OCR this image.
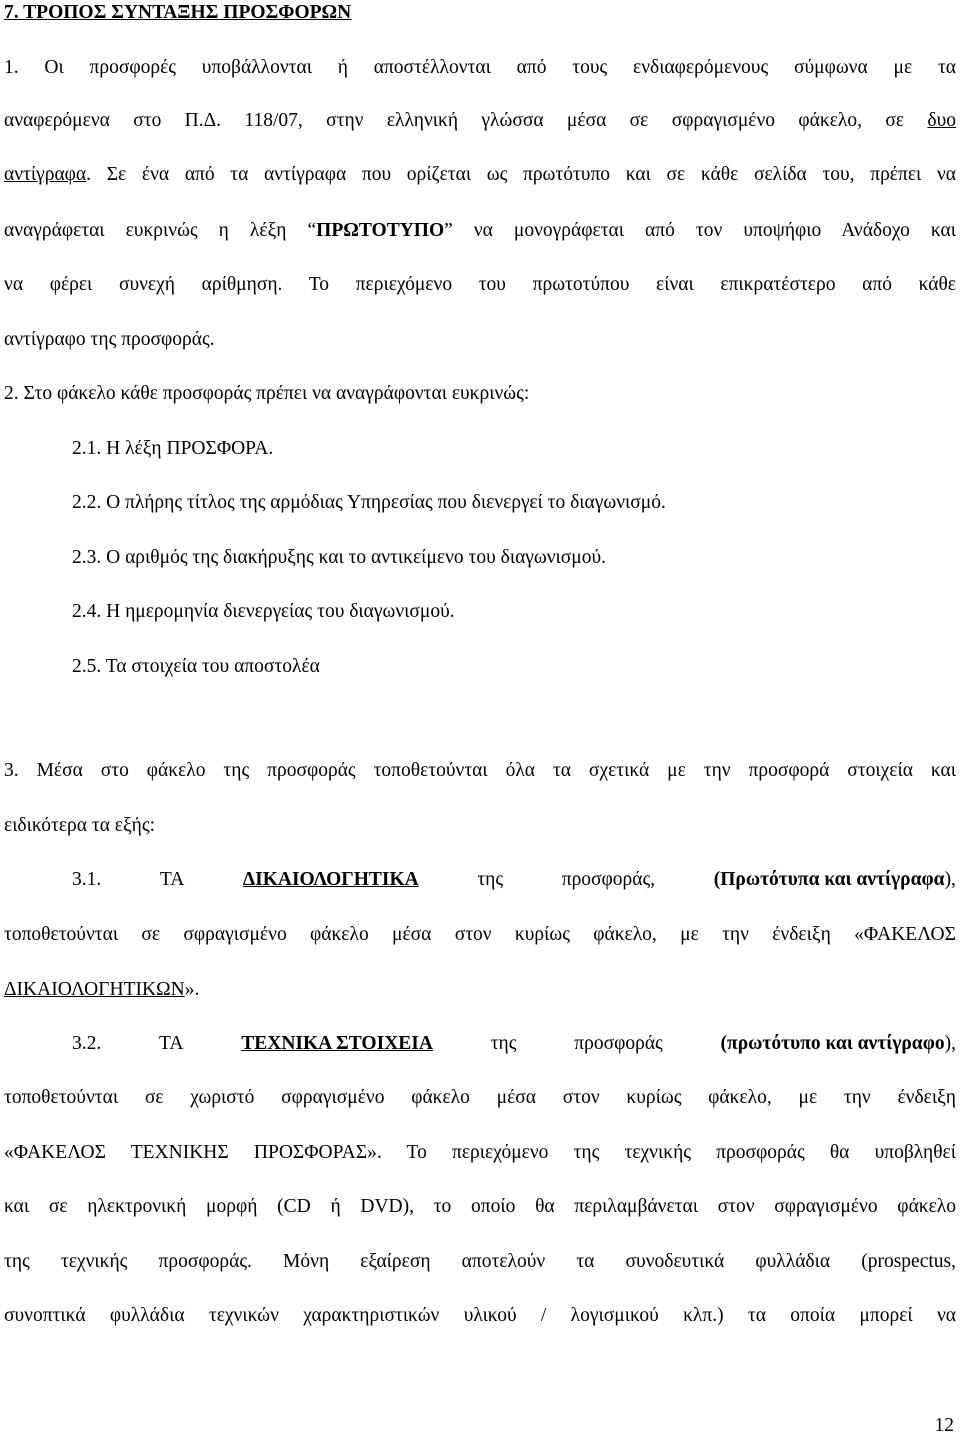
7. ΤΡΟΠΟΣ ΣΥΝΤΑΞΗΣ ΠΡΟΣΦΟΡΩΝ
1. Οι προσφορές υποβάλλονται ή αποστέλλονται από τους ενδιαφερόμενους σύμφωνα με τα
αναφερόμενα στο Π.Δ. 118/07, στην ελληνική γλώσσα μέσα σε σφραγισμένο φάκελο, σε δυο
αντίγραφα. Σε ένα από τα αντίγραφα που ορίζεται ως πρωτότυπο και σε κάθε σελίδα του, πρέπει να
αναγράφεται ευκρινώς η λέξη “ΠΡΩΤΟΤΥΠΟ” να μονογράφεται από τον υποψήφιο Ανάδοχο και
να φέρει συνεχή αρίθμηση. Το περιεχόμενο του πρωτοτύπου είναι επικρατέστερο από κάθε
αντίγραφο της προσφοράς.
2. Στο φάκελο κάθε προσφοράς πρέπει να αναγράφονται ευκρινώς:
2.1. Η λέξη ΠΡΟΣΦΟΡΑ.
2.2. Ο πλήρης τίτλος της αρμόδιας Υπηρεσίας που διενεργεί το διαγωνισμό.
2.3. Ο αριθμός της διακήρυξης και το αντικείμενο του διαγωνισμού.
2.4. Η ημερομηνία διενεργείας του διαγωνισμού.
2.5. Τα στοιχεία του αποστολέα
3. Μέσα στο φάκελο της προσφοράς τοποθετούνται όλα τα σχετικά με την προσφορά στοιχεία και
ειδικότερα τα εξής:
3.1.	ΤΑ	ΔΙΚΑΙΟΛΟΓΗΤΙΚΑ	της	προσφοράς,	(Πρωτότυπα και αντίγραφα),
τοποθετούνται σε σφραγισμένο φάκελο μέσα στον κυρίως φάκελο, με την ένδειξη «ΦΑΚΕΛΟΣ
ΔΙΚΑΙΟΛΟΓΗΤΙΚΩΝ».
3.2.	ΤΑ	ΤΕΧΝΙΚΑ ΣΤΟΙΧΕΙΑ	της	προσφοράς	(πρωτότυπο και αντίγραφο),
τοποθετούνται σε χωριστό σφραγισμένο φάκελο μέσα στον κυρίως φάκελο, με την ένδειξη
«ΦΑΚΕΛΟΣ ΤΕΧΝΙΚΗΣ ΠΡΟΣΦΟΡΑΣ». Το περιεχόμενο της τεχνικής προσφοράς θα υποβληθεί
και σε ηλεκτρονική μορφή (CD ή DVD), το οποίο θα περιλαμβάνεται στον σφραγισμένο φάκελο
της τεχνικής προσφοράς. Μόνη εξαίρεση αποτελούν τα συνοδευτικά φυλλάδια (prospectus,
συνοπτικά φυλλάδια τεχνικών χαρακτηριστικών υλικού / λογισμικού κλπ.) τα οποία μπορεί να
12
